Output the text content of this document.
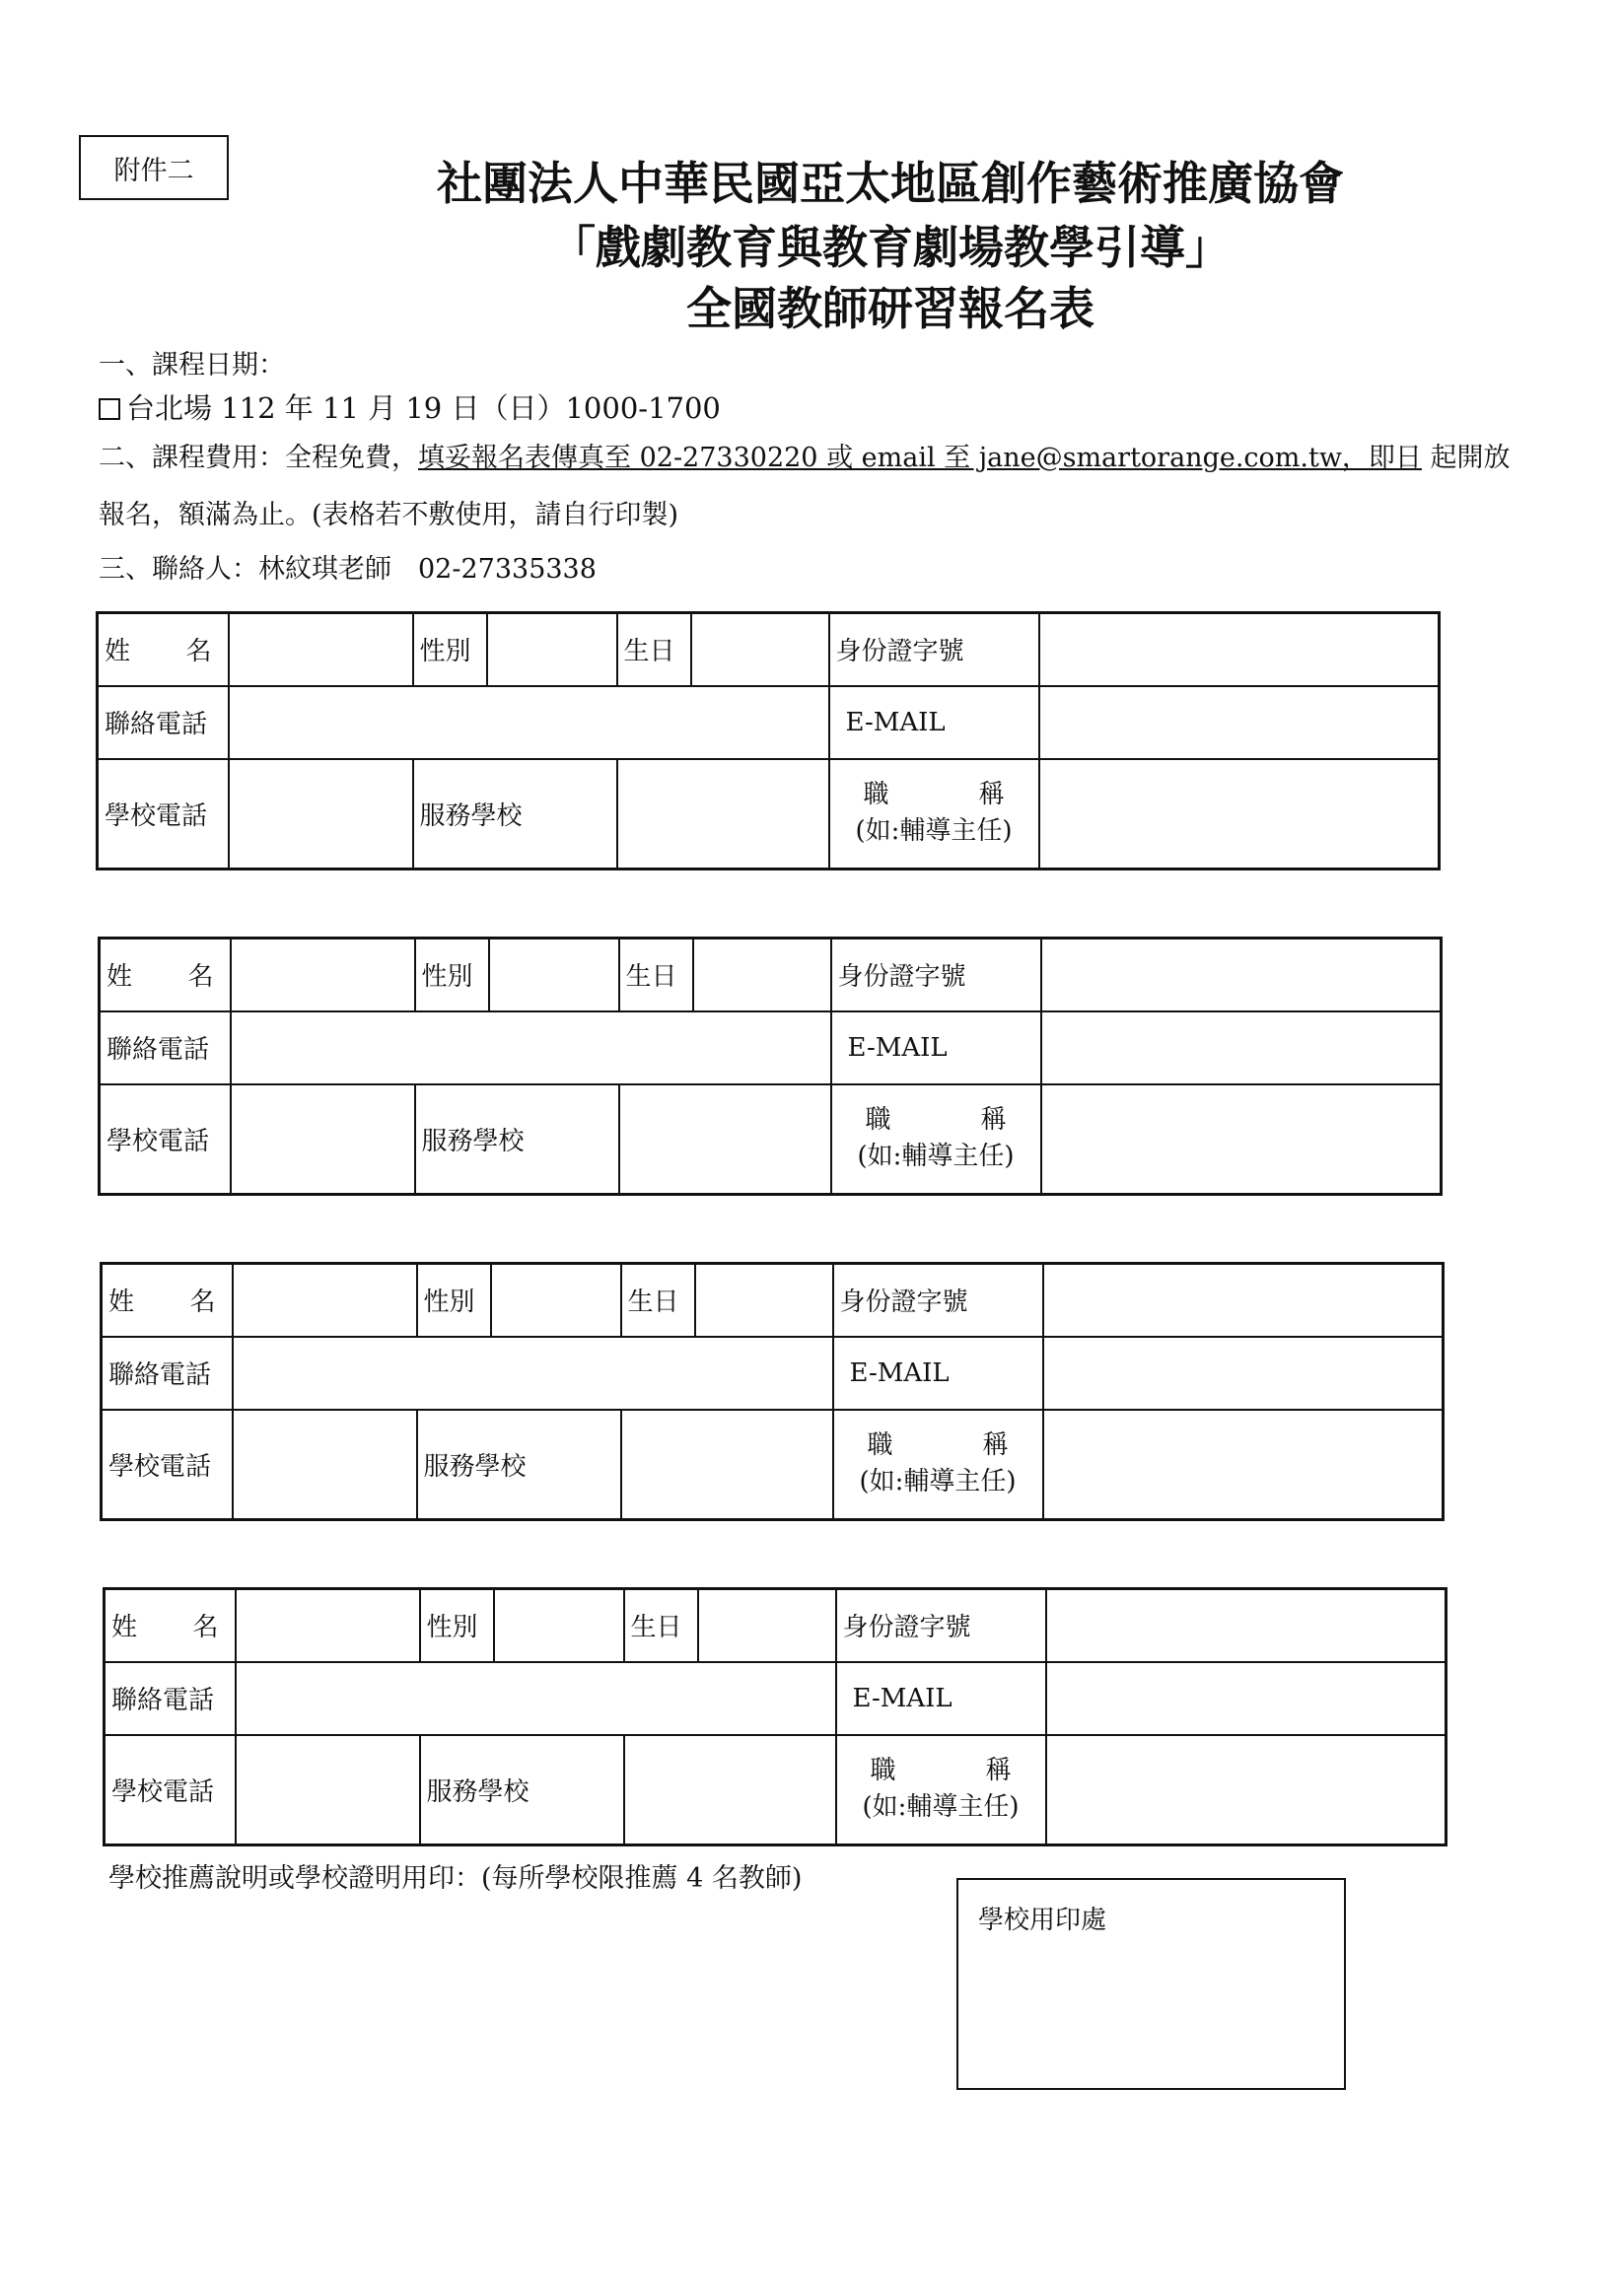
附件二	社團法人中華民國亞太地區創作藝術推廣協會
「戲劇教育與教育劇場教學引導」
全國教師研習報名表
一、課程日期：
台北場 112 年 11 月 19 日（日）1000-1700
二、課程費用：全程免費，填妥報名表傳真至 02-27330220 或 email 至 jane@smartorange.com.tw，即日 起開放
報名，額滿為止。(表格若不敷使用，請自行印製)
三、聯絡人：林紋琪老師　02-27335338
姓 名		性別		生日		身份證字號	
聯絡電話						E-MAIL	
學校電話		服務學校				職 稱
(如:輔導主任)	

姓 名		性別		生日		身份證字號	
聯絡電話						E-MAIL	
學校電話		服務學校				職 稱
(如:輔導主任)	

姓 名		性別		生日		身份證字號	
聯絡電話						E-MAIL	
學校電話		服務學校				職 稱
(如:輔導主任)	

姓 名		性別		生日		身份證字號	
聯絡電話						E-MAIL	
學校電話		服務學校				職 稱
(如:輔導主任)	

學校推薦說明或學校證明用印：(每所學校限推薦 4 名教師)
學校用印處
